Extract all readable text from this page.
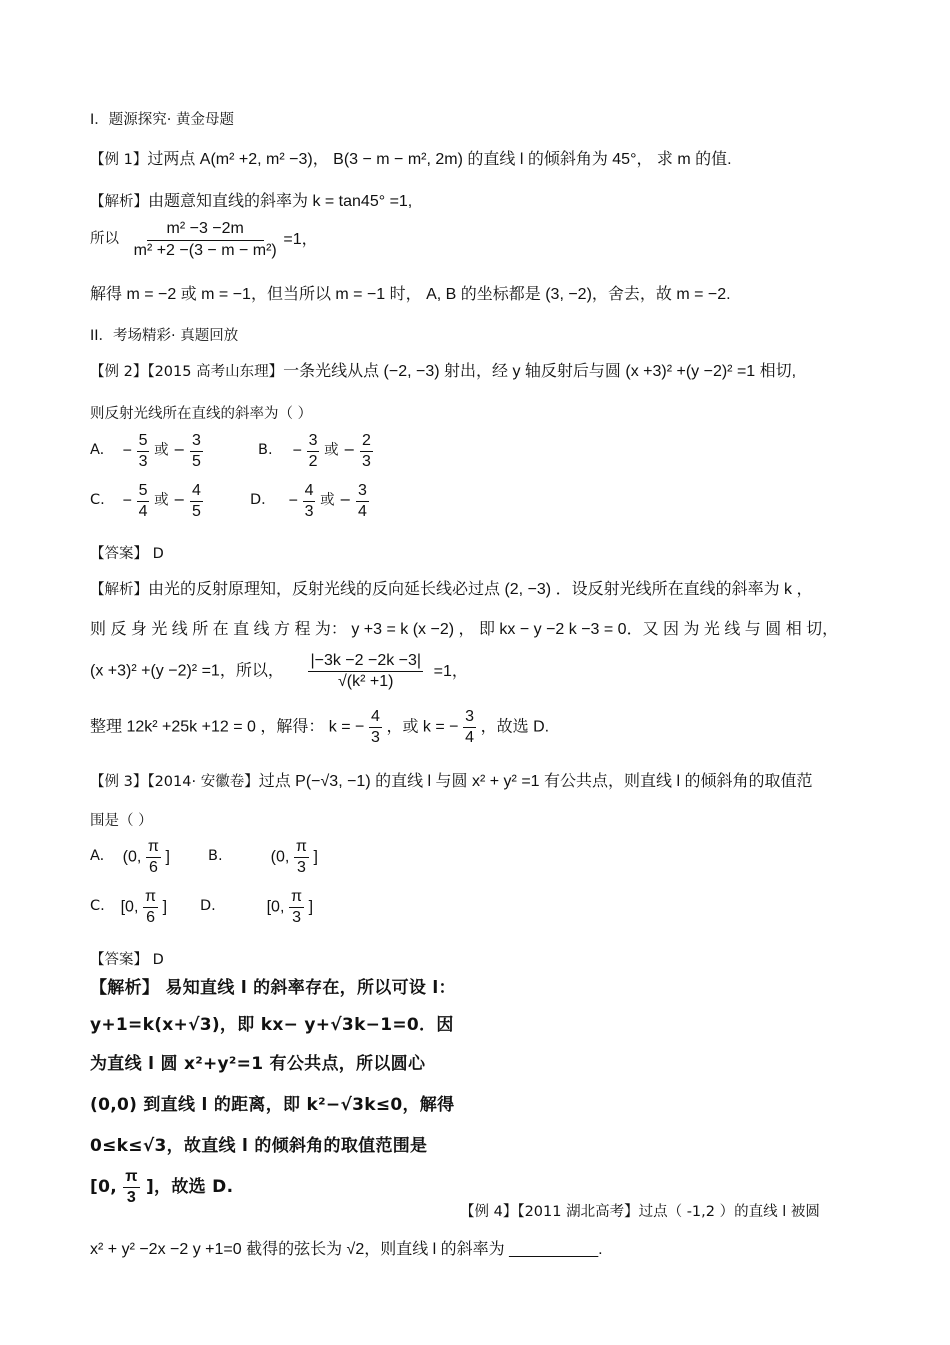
I．题源探究· 黄金母题
【例 1】过两点 A(m² +2, m² −3)， B(3 − m − m², 2m) 的直线 l 的倾斜角为 45°， 求 m 的值.
【解析】由题意知直线的斜率为 k = tan45° =1,
所以 $\frac{\text{m² −3 −2m}}{\text{m² +2 −(3 − m − m²)}} =1$，
解得 m = −2 或 m = −1，但当所以 m = −1 时， A, B 的坐标都是 (3, −2)，舍去，故 m = −2.
II．考场精彩· 真题回放
【例 2】【2015 高考山东理】一条光线从点 (−2, −3) 射出，经 y 轴反射后与圆 (x +3)² +(y −2)² =1 相切,
则反射光线所在直线的斜率为（ ）
A. − $\frac{5}{3}$ 或 − $\frac{3}{5}$	B. − $\frac{3}{2}$ 或 − $\frac{2}{3}$
C. − $\frac{5}{4}$ 或 − $\frac{4}{5}$	D． − $\frac{4}{3}$ 或 − $\frac{3}{4}$
【答案】 D
【解析】由光的反射原理知，反射光线的反向延长线必过点 (2, −3) ．设反射光线所在直线的斜率为 k ，
则 反 身 光 线 所 在 直 线 方 程 为： y +3 = k (x −2) ， 即 kx − y −2 k −3 = 0．又 因 为 光 线 与 圆 相 切，
(x +3)² +(y −2)² =1，所以， $\frac{|-3k -2 -2k -3|}{\text{√(k² +1)}} =1$，
整理 12k² +25k +12 = 0 ，解得： k = − $\frac{4}{3}$ ，或 k = − $\frac{3}{4}$ ，故选 D.
【例 3】【2014· 安徽卷】过点 P(−√3, −1) 的直线 l 与圆 x² + y² =1 有公共点，则直线 l 的倾斜角的取值范
围是（ ）
A. (0, $\frac{\pi}{6}$ ]	B.	(0, $\frac{\pi}{3}$ ]
C. [0, $\frac{\pi}{6}$ ] D.	[0, $\frac{\pi}{3}$ ]
【答案】 D
【解析】 易知直线 l 的斜率存在，所以可设 l：
y+1=k(x+√3)，即 kx− y+√3k−1=0．因
为直线 l 圆 x²+y²=1 有公共点，所以圆心
(0,0) 到直线 l 的距离，即 k²−√3k≤0，解得
0≤k≤√3，故直线 l 的倾斜角的取值范围是
[0, $\frac{\pi}{3}$ ]，故选 D.
【例 4】【2011 湖北高考】过点（ -1,2 ）的直线 l 被圆
x² + y² −2x −2 y +1=0 截得的弦长为 √2，则直线 l 的斜率为 __________.
